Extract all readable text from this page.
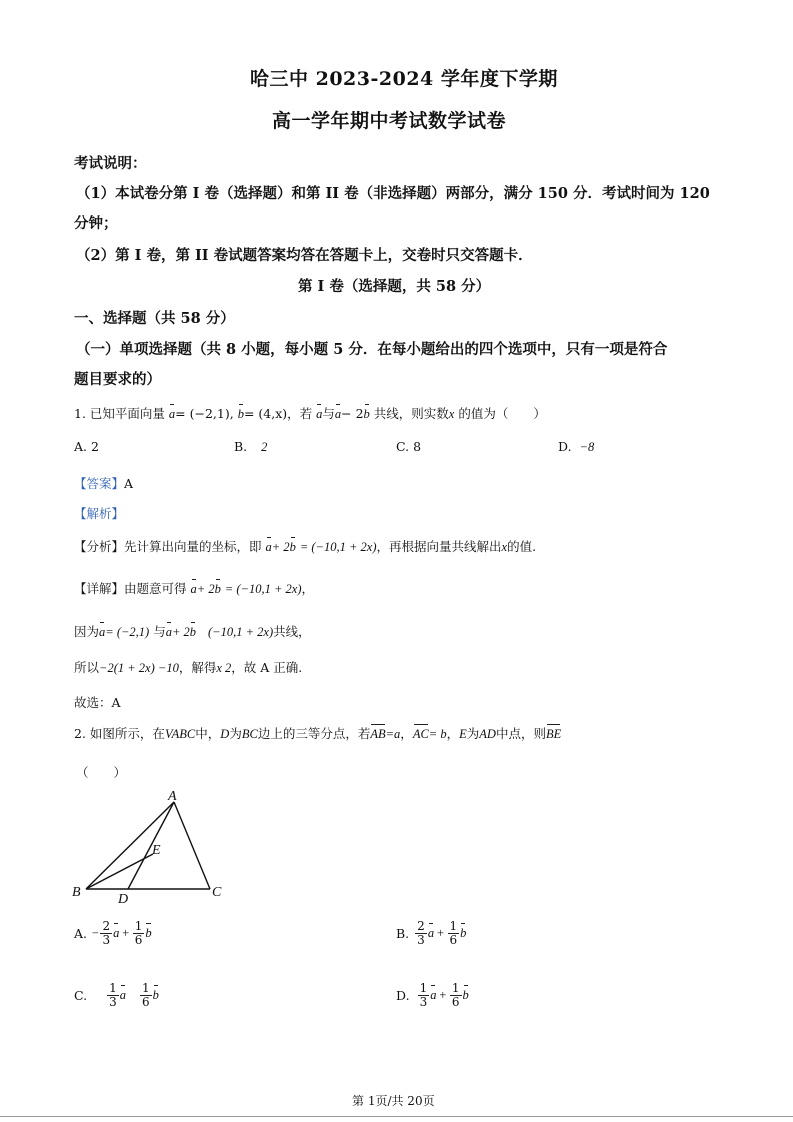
哈三中 2023-2024 学年度下学期
高一学年期中考试数学试卷
考试说明：
（1）本试卷分第 I 卷（选择题）和第 II 卷（非选择题）两部分，满分 150 分．考试时间为 120
分钟；
（2）第 I 卷，第 II 卷试题答案均答在答题卡上，交卷时只交答题卡．
第 I 卷（选择题，共 58 分）
一、选择题（共 58 分）
（一）单项选择题（共 8 小题，每小题 5 分．在每小题给出的四个选项中，只有一项是符合
题目要求的）
1. 已知平面向量 a= (−2,1), b= (4,x)，若 a与a− 2b 共线，则实数x 的值为（　　）
A. 2	B. 2	C. 8	D. −8
【答案】A
【解析】
【分析】先计算出向量的坐标，即 a+ 2b = (−10,1 + 2x)，再根据向量共线解出x的值.
【详解】由题意可得 a+ 2b = (−10,1 + 2x)，
因为a= (−2,1) 与a+ 2b (−10,1 + 2x)共线，
所以−2(1 + 2x) −10，解得x 2，故 A 正确.
故选：A
2. 如图所示，在VABC中，D为BC边上的三等分点，若AB=a，AC= b，E为AD中点，则BE
（　　）
A
B	C
D
E
A. − $\frac{2}{3}$ $a + \frac{1}{6}$ b	B. $\frac{2}{3}$ $a + \frac{1}{6}$ b
C. $\frac{1}{3}$ a $\frac{1}{6}$ b	D. $\frac{1}{3}$ $a + \frac{1}{6}$ b
第 1页/共 20页
